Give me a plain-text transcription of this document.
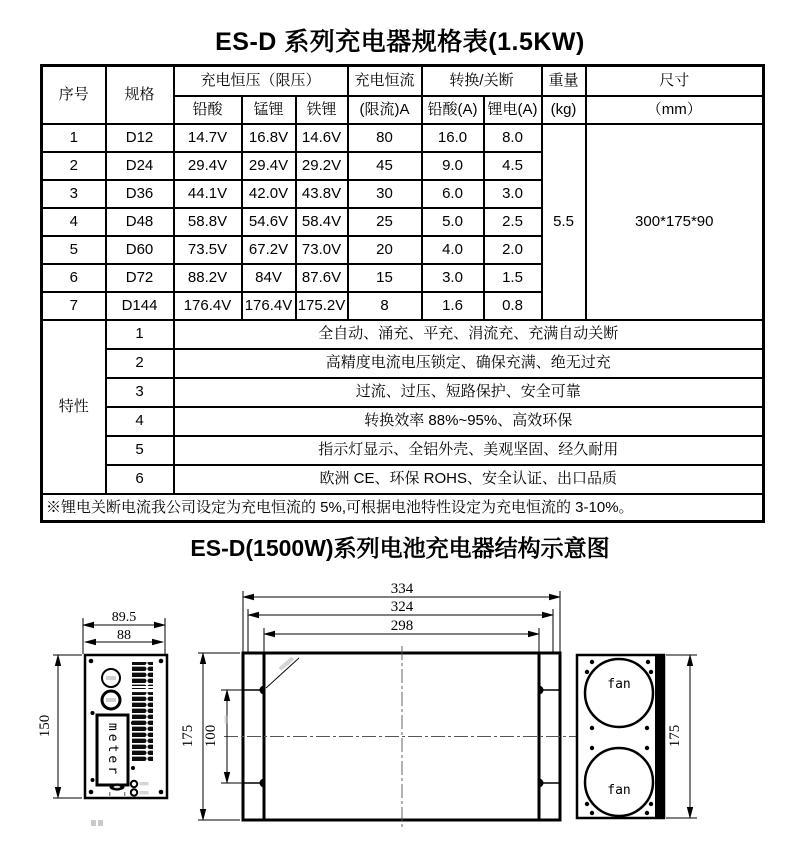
ES-D 系列充电器规格表(1.5KW)
序号	规格	充电恒压（限压）			充电恒流	转换/关断		重量	尺寸
		铅酸	锰锂	铁锂	(限流)A	铅酸(A)	锂电(A)	(kg)	（mm）
1	D12	14.7V	16.8V	14.6V	80	16.0	8.0	5.5	300*175*90
2	D24	29.4V	29.4V	29.2V	45	9.0	4.5		
3	D36	44.1V	42.0V	43.8V	30	6.0	3.0		
4	D48	58.8V	54.6V	58.4V	25	5.0	2.5		
5	D60	73.5V	67.2V	73.0V	20	4.0	2.0		
6	D72	88.2V	84V	87.6V	15	3.0	1.5		
7	D144	176.4V	176.4V	175.2V	8	1.6	0.8		
特性	1	全自动、涌充、平充、涓流充、充满自动关断							
	2	高精度电流电压锁定、确保充满、绝无过充							
	3	过流、过压、短路保护、安全可靠							
	4	转换效率 88%~95%、高效环保							
	5	指示灯显示、全铝外壳、美观坚固、经久耐用							
	6	欧洲 CE、环保 ROHS、安全认证、出口品质							
※锂电关断电流我公司设定为充电恒流的 5%,可根据电池特性设定为充电恒流的 3-10%。									
ES-D(1500W)系列电池充电器结构示意图
89.5
88
150	meter
334
324
298
175 100
fan
fan
175
